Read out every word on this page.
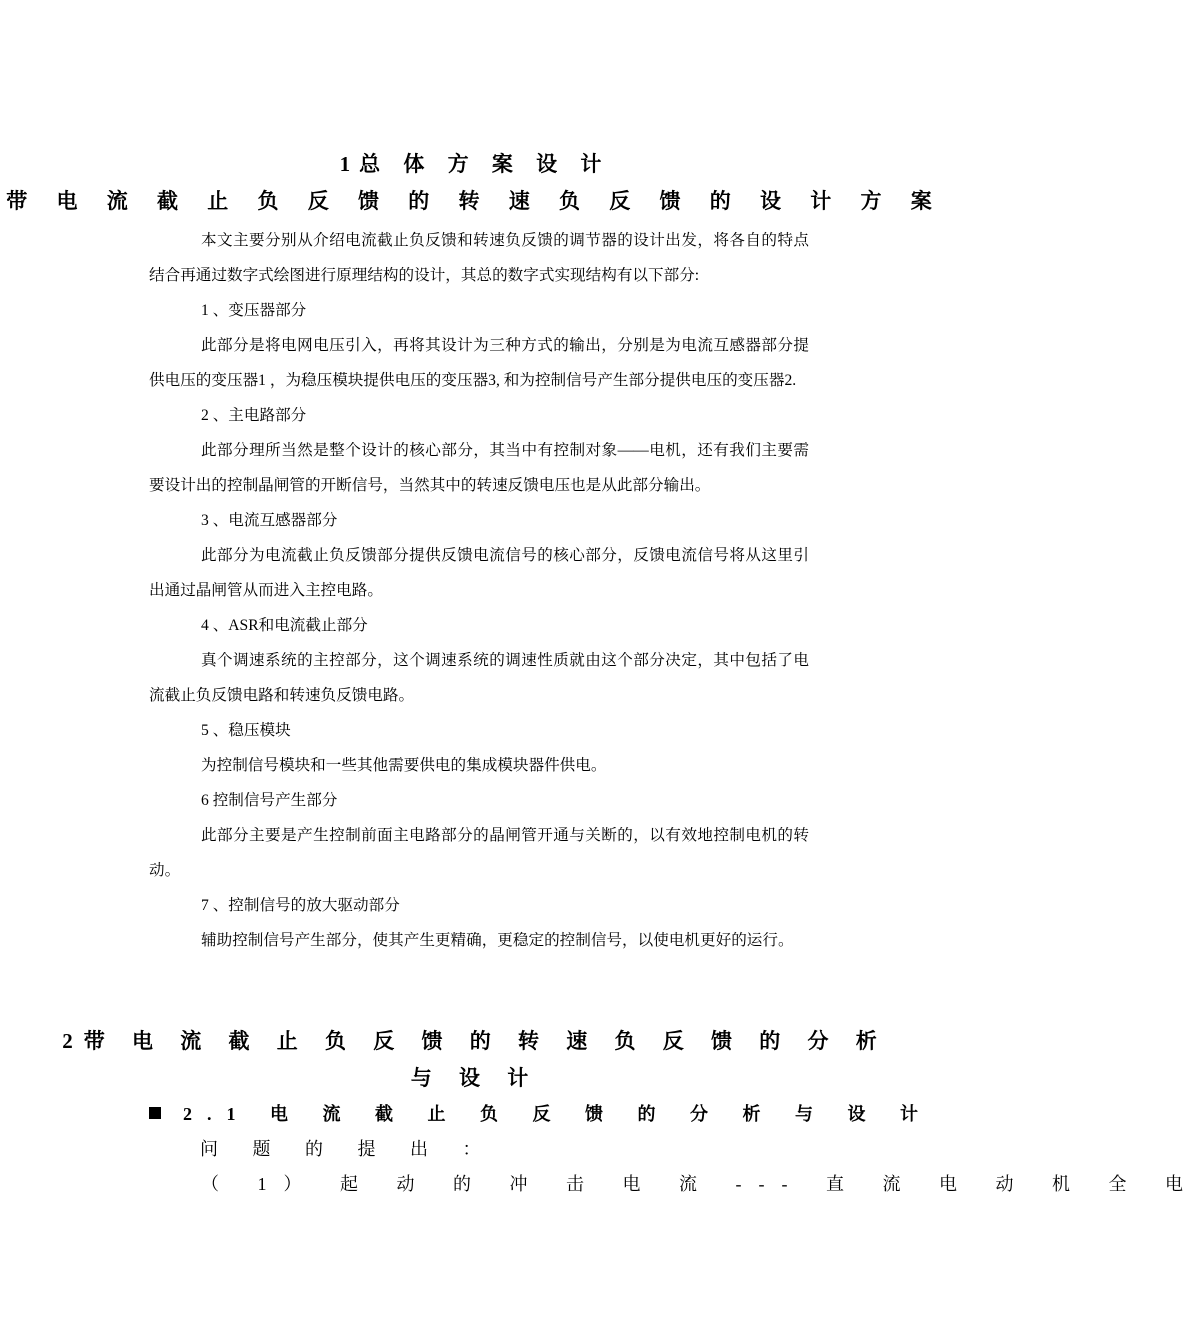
1总 体 方 案 设 计
带 电 流 截 止 负 反 馈 的 转 速 负 反 馈 的 设 计 方 案

本文主要分别从介绍电流截止负反馈和转速负反馈的调节器的设计出发，将各自的特点结合再通过数字式绘图进行原理结构的设计，其总的数字式实现结构有以下部分:

1 、变压器部分

此部分是将电网电压引入，再将其设计为三种方式的输出，分别是为电流互感器部分提供电压的变压器1 ，为稳压模块提供电压的变压器3, 和为控制信号产生部分提供电压的变压器2.

2 、主电路部分

此部分理所当然是整个设计的核心部分，其当中有控制对象——电机，还有我们主要需要设计出的控制晶闸管的开断信号，当然其中的转速反馈电压也是从此部分输出。

3 、电流互感器部分

此部分为电流截止负反馈部分提供反馈电流信号的核心部分，反馈电流信号将从这里引出通过晶闸管从而进入主控电路。

4 、ASR和电流截止部分

真个调速系统的主控部分，这个调速系统的调速性质就由这个部分决定，其中包括了电流截止负反馈电路和转速负反馈电路。

5 、稳压模块

为控制信号模块和一些其他需要供电的集成模块器件供电。

6 控制信号产生部分

此部分主要是产生控制前面主电路部分的晶闸管开通与关断的，以有效地控制电机的转动。

7 、控制信号的放大驱动部分

辅助控制信号产生部分，使其产生更精确，更稳定的控制信号，以使电机更好的运行。

2带 电 流 截 止 负 反 馈 的 转 速 负 反 馈 的 分 析
与 设 计
2.1 电 流 截 止 负 反 馈 的 分 析 与 设 计
问 题 的 提 出 ：
（ 1） 起 动 的 冲 击 电 流 --- 直 流 电 动 机 全 电
